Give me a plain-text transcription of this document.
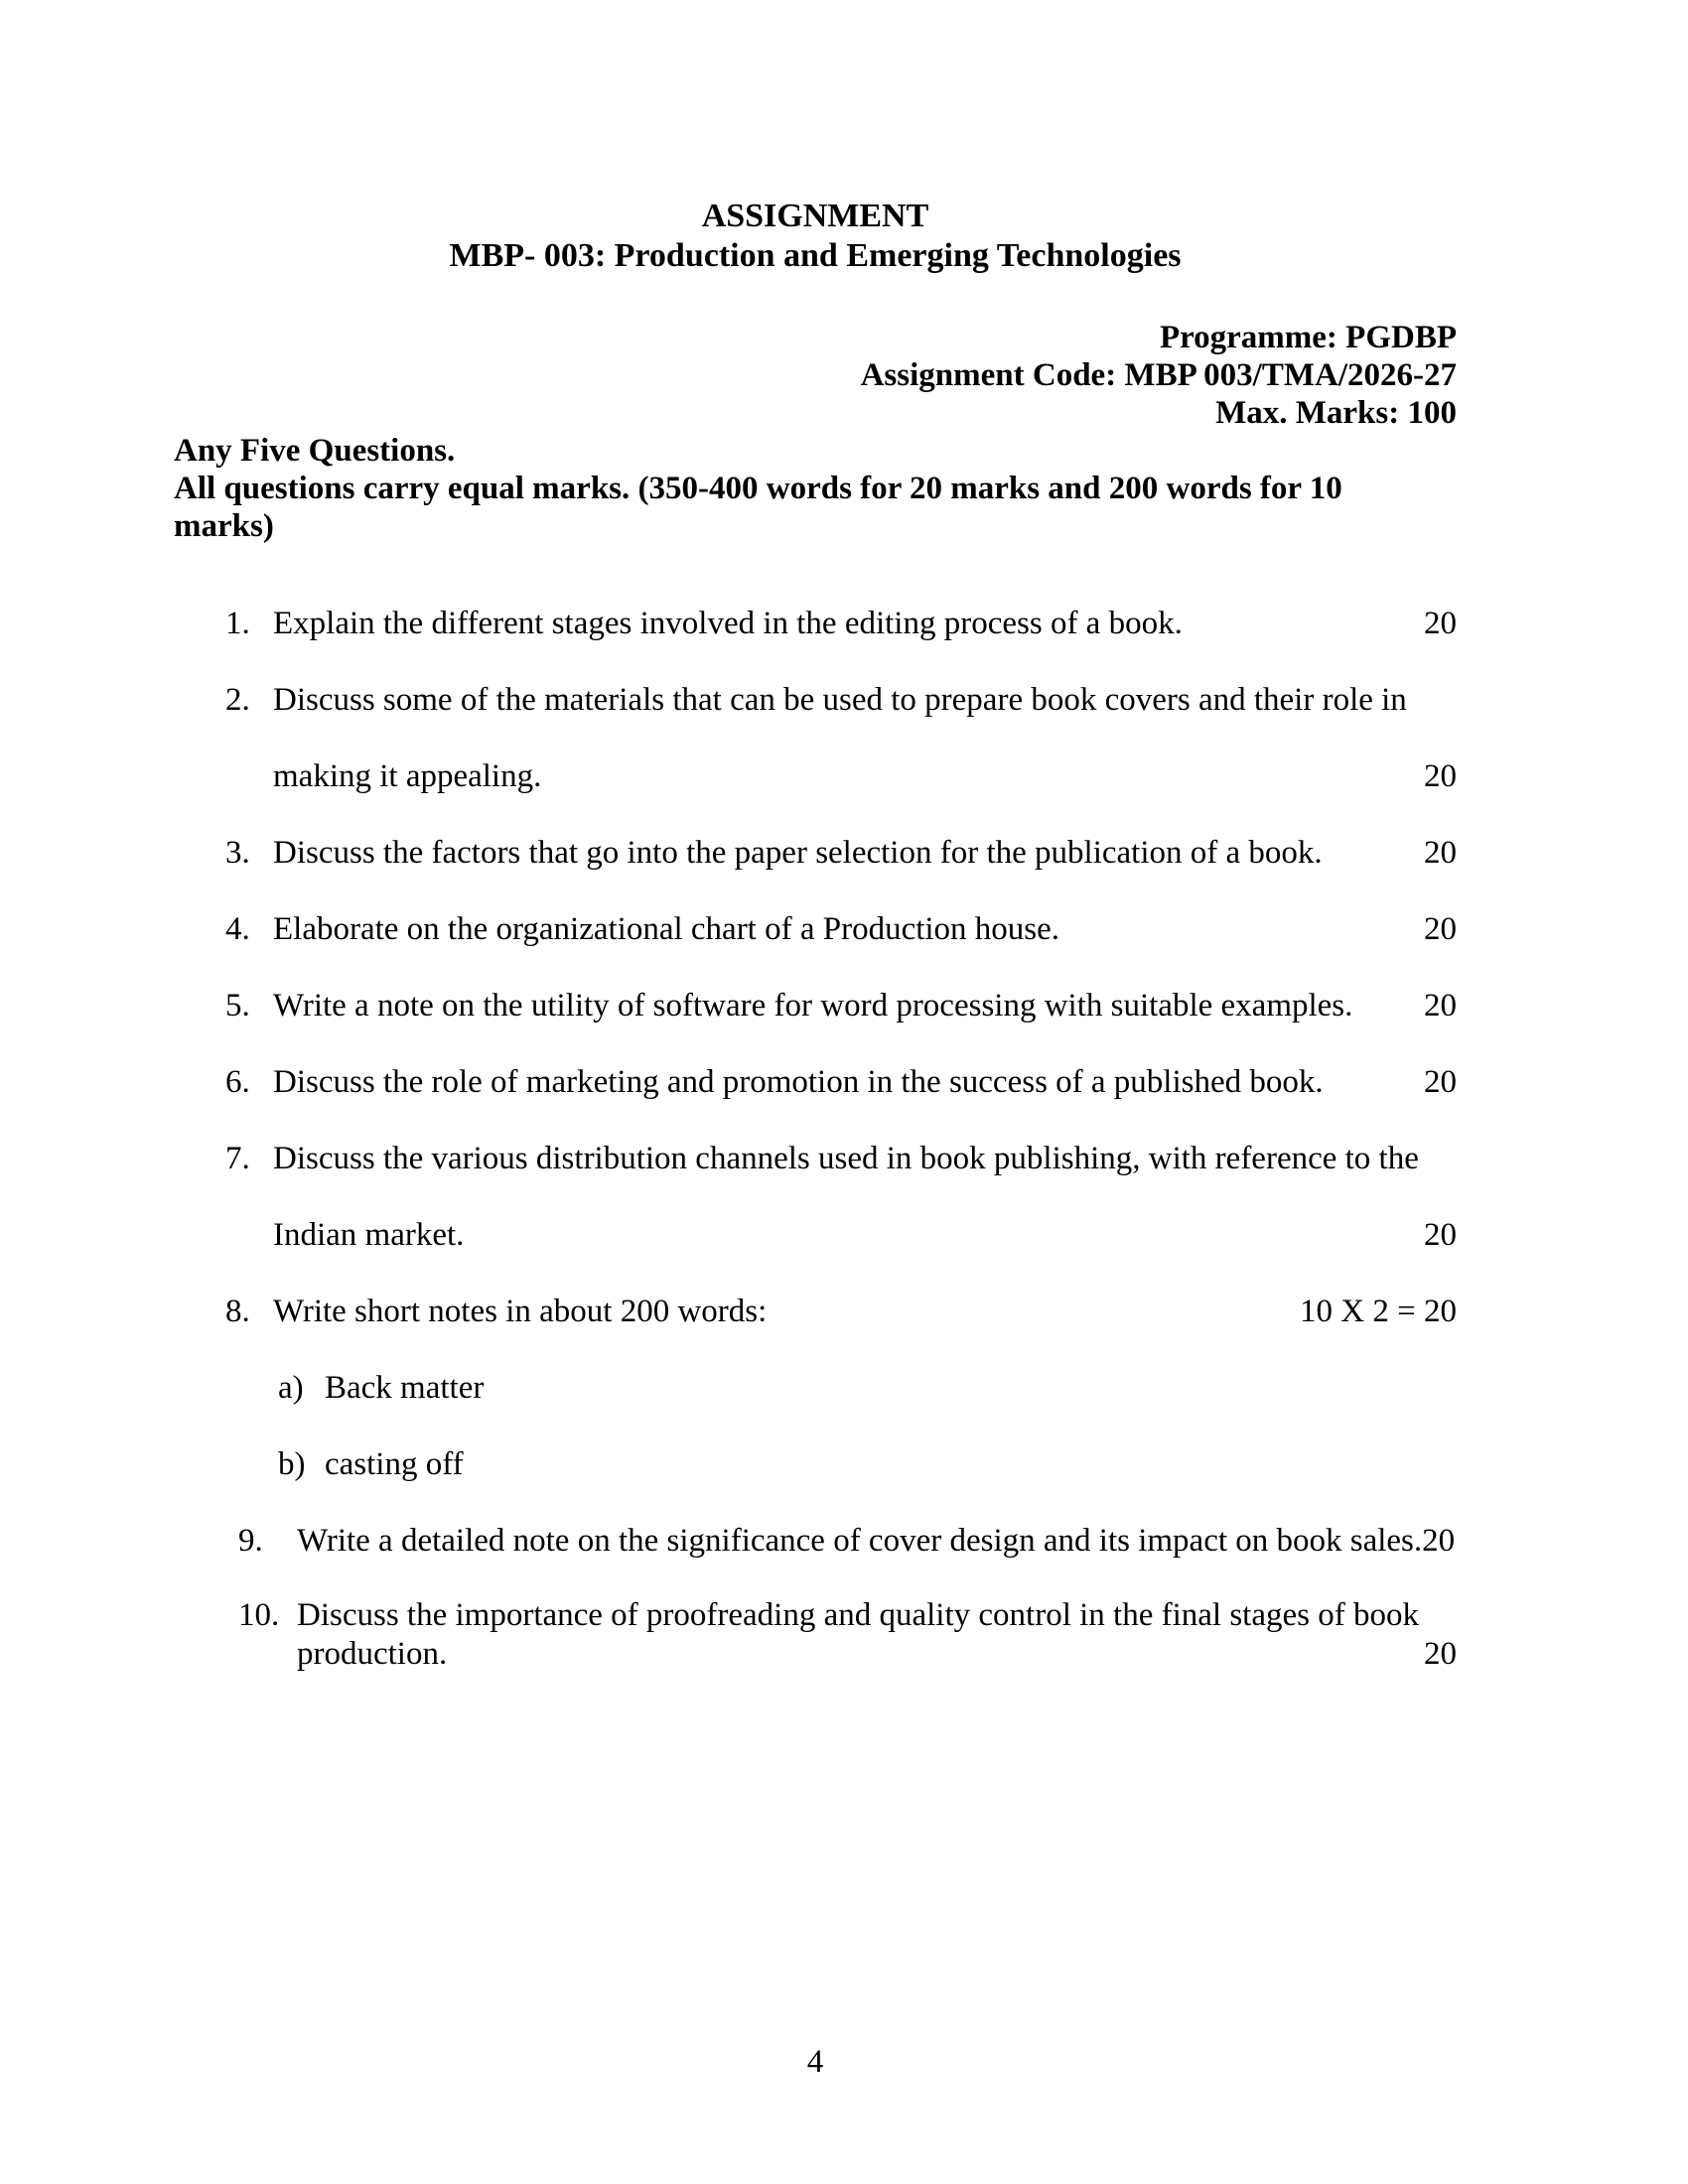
ASSIGNMENT
MBP- 003: Production and Emerging Technologies
Programme: PGDBP
Assignment Code: MBP 003/TMA/2026-27
Max. Marks: 100
Any Five Questions.
All questions carry equal marks. (350-400 words for 20 marks and 200 words for 10
marks)
1. Explain the different stages involved in the editing process of a book.	20
2. Discuss some of the materials that can be used to prepare book covers and their role in
making it appealing.	20
3. Discuss the factors that go into the paper selection for the publication of a book.	20
4. Elaborate on the organizational chart of a Production house.	20
5. Write a note on the utility of software for word processing with suitable examples.	20
6. Discuss the role of marketing and promotion in the success of a published book.	20
7. Discuss the various distribution channels used in book publishing, with reference to the
Indian market.	20
8. Write short notes in about 200 words:	10 X 2 = 20
a) Back matter
b) casting off
9.	Write a detailed note on the significance of cover design and its impact on book sales. 20
10. Discuss the importance of proofreading and quality control in the final stages of book
production.	20
4
